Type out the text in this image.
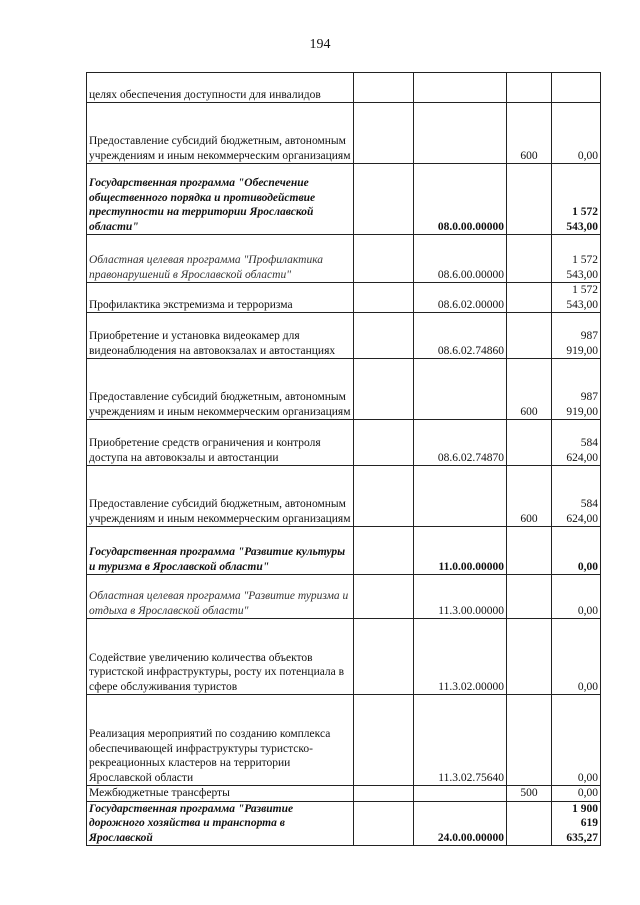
194
целях обеспечения доступности для инвалидов				
Предоставление субсидий бюджетным, автономным учреждениям и иным некоммерческим организациям			600	0,00
Государственная программа "Обеспечение общественного порядка и противодействие преступности на территории Ярославской области"		08.0.00.00000		1 572 543,00
Областная целевая программа "Профилактика правонарушений в Ярославской области"		08.6.00.00000		1 572 543,00
Профилактика экстремизма и терроризма		08.6.02.00000		1 572 543,00
Приобретение и установка видеокамер для видеонаблюдения на автовокзалах и автостанциях		08.6.02.74860		987 919,00
Предоставление субсидий бюджетным, автономным учреждениям и иным некоммерческим организациям			600	987 919,00
Приобретение средств ограничения и контроля доступа на автовокзалы и автостанции		08.6.02.74870		584 624,00
Предоставление субсидий бюджетным, автономным учреждениям и иным некоммерческим организациям			600	584 624,00
Государственная программа "Развитие культуры и туризма в Ярославской области"		11.0.00.00000		0,00
Областная целевая программа "Развитие туризма и отдыха в Ярославской области"		11.3.00.00000		0,00
Содействие увеличению количества объектов туристской инфраструктуры, росту их потенциала в сфере обслуживания туристов		11.3.02.00000		0,00
Реализация мероприятий по созданию комплекса обеспечивающей инфраструктуры туристско-рекреационных кластеров на территории Ярославской области		11.3.02.75640		0,00
Межбюджетные трансферты			500	0,00
Государственная программа "Развитие дорожного хозяйства и транспорта в Ярославской		24.0.00.00000		1 900 619 635,27
